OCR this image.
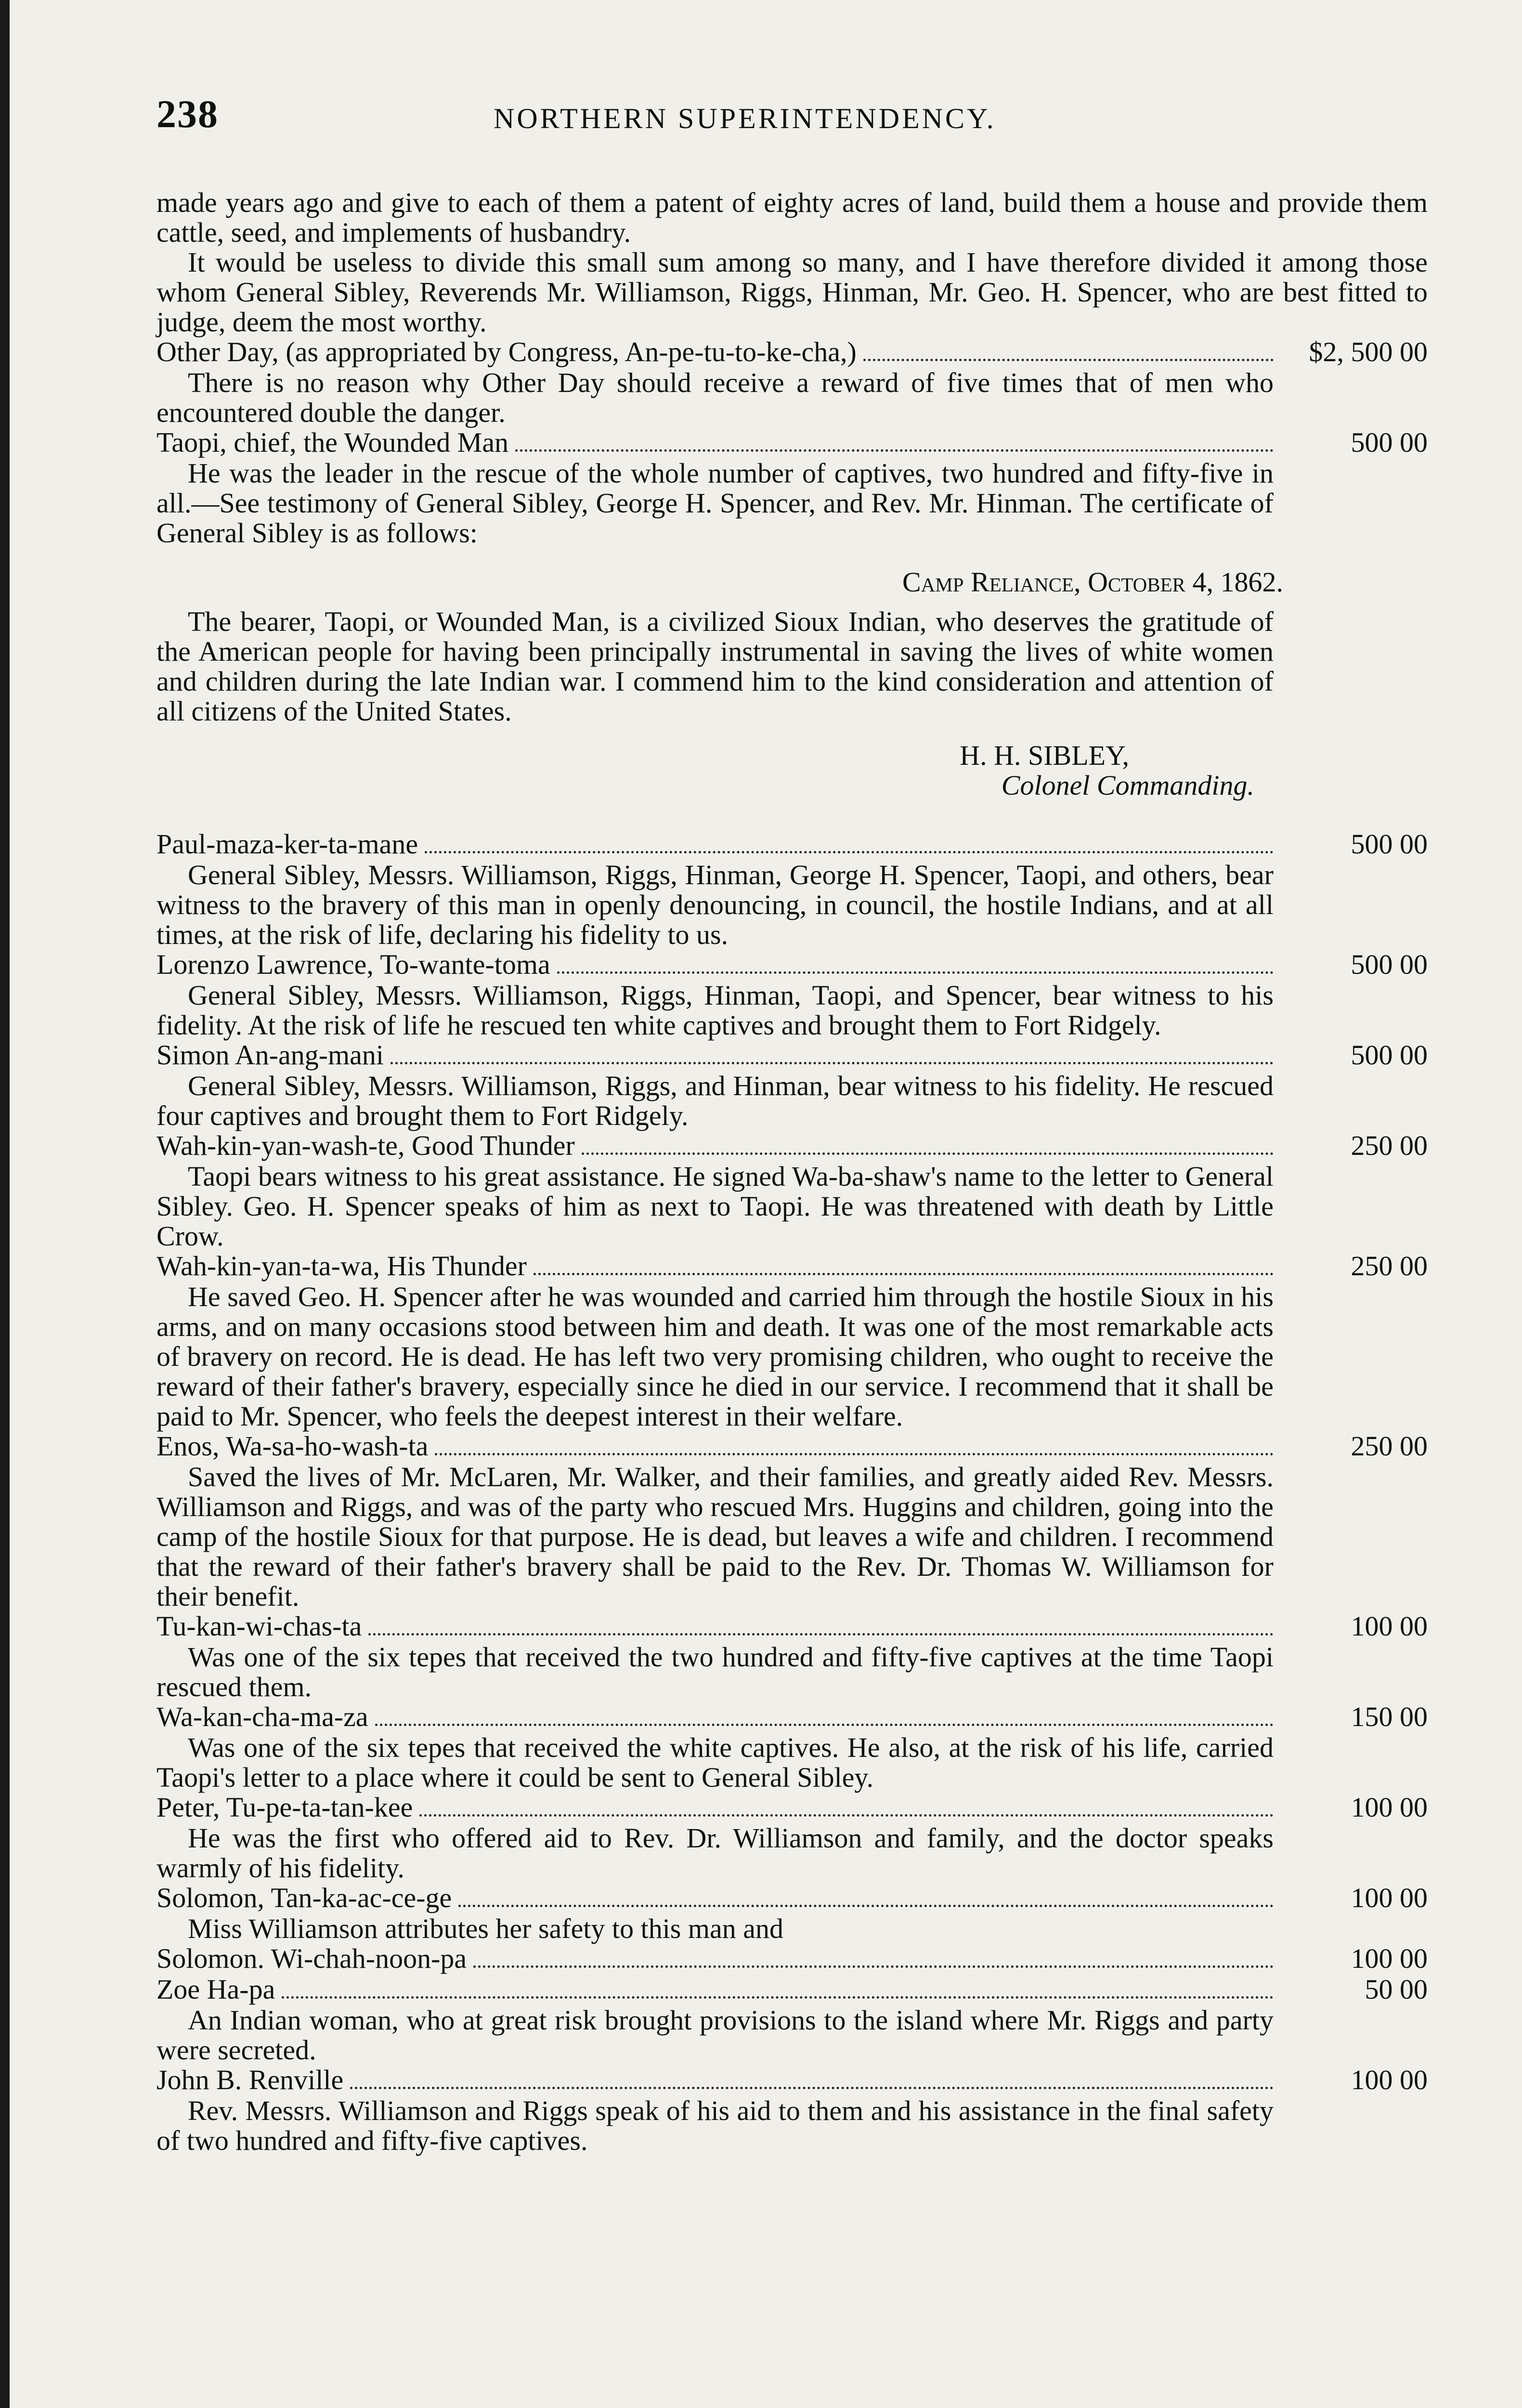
238	NORTHERN SUPERINTENDENCY.

made years ago and give to each of them a patent of eighty acres of land, build them a house and provide them cattle, seed, and implements of husbandry.

It would be useless to divide this small sum among so many, and I have therefore divided it among those whom General Sibley, Reverends Mr. Williamson, Riggs, Hinman, Mr. Geo. H. Spencer, who are best fitted to judge, deem the most worthy.

Other Day, (as appropriated by Congress, An-pe-tu-to-ke-cha,)	$2, 500 00

There is no reason why Other Day should receive a reward of five times that of men who encountered double the danger.

Taopi, chief, the Wounded Man	500 00

He was the leader in the rescue of the whole number of captives, two hundred and fifty-five in all.—See testimony of General Sibley, George H. Spencer, and Rev. Mr. Hinman. The certificate of General Sibley is as follows:

Camp Reliance, October 4, 1862.

The bearer, Taopi, or Wounded Man, is a civilized Sioux Indian, who deserves the gratitude of the American people for having been principally instrumental in saving the lives of white women and children during the late Indian war. I commend him to the kind consideration and attention of all citizens of the United States.

H. H. SIBLEY,

Colonel Commanding.

Paul-maza-ker-ta-mane	500 00

General Sibley, Messrs. Williamson, Riggs, Hinman, George H. Spencer, Taopi, and others, bear witness to the bravery of this man in openly denouncing, in council, the hostile Indians, and at all times, at the risk of life, declaring his fidelity to us.

Lorenzo Lawrence, To-wante-toma	500 00

General Sibley, Messrs. Williamson, Riggs, Hinman, Taopi, and Spencer, bear witness to his fidelity. At the risk of life he rescued ten white captives and brought them to Fort Ridgely.

Simon An-ang-mani	500 00

General Sibley, Messrs. Williamson, Riggs, and Hinman, bear witness to his fidelity. He rescued four captives and brought them to Fort Ridgely.

Wah-kin-yan-wash-te, Good Thunder	250 00

Taopi bears witness to his great assistance. He signed Wa-ba-shaw's name to the letter to General Sibley. Geo. H. Spencer speaks of him as next to Taopi. He was threatened with death by Little Crow.

Wah-kin-yan-ta-wa, His Thunder	250 00

He saved Geo. H. Spencer after he was wounded and carried him through the hostile Sioux in his arms, and on many occasions stood between him and death. It was one of the most remarkable acts of bravery on record. He is dead. He has left two very promising children, who ought to receive the reward of their father's bravery, especially since he died in our service. I recommend that it shall be paid to Mr. Spencer, who feels the deepest interest in their welfare.

Enos, Wa-sa-ho-wash-ta	250 00

Saved the lives of Mr. McLaren, Mr. Walker, and their families, and greatly aided Rev. Messrs. Williamson and Riggs, and was of the party who rescued Mrs. Huggins and children, going into the camp of the hostile Sioux for that purpose. He is dead, but leaves a wife and children. I recommend that the reward of their father's bravery shall be paid to the Rev. Dr. Thomas W. Williamson for their benefit.

Tu-kan-wi-chas-ta	100 00

Was one of the six tepes that received the two hundred and fifty-five captives at the time Taopi rescued them.

Wa-kan-cha-ma-za	150 00

Was one of the six tepes that received the white captives. He also, at the risk of his life, carried Taopi's letter to a place where it could be sent to General Sibley.

Peter, Tu-pe-ta-tan-kee	100 00

He was the first who offered aid to Rev. Dr. Williamson and family, and the doctor speaks warmly of his fidelity.

Solomon, Tan-ka-ac-ce-ge	100 00

Miss Williamson attributes her safety to this man and

Solomon. Wi-chah-noon-pa	100 00
Zoe Ha-pa	50 00

An Indian woman, who at great risk brought provisions to the island where Mr. Riggs and party were secreted.

John B. Renville	100 00

Rev. Messrs. Williamson and Riggs speak of his aid to them and his assistance in the final safety of two hundred and fifty-five captives.
